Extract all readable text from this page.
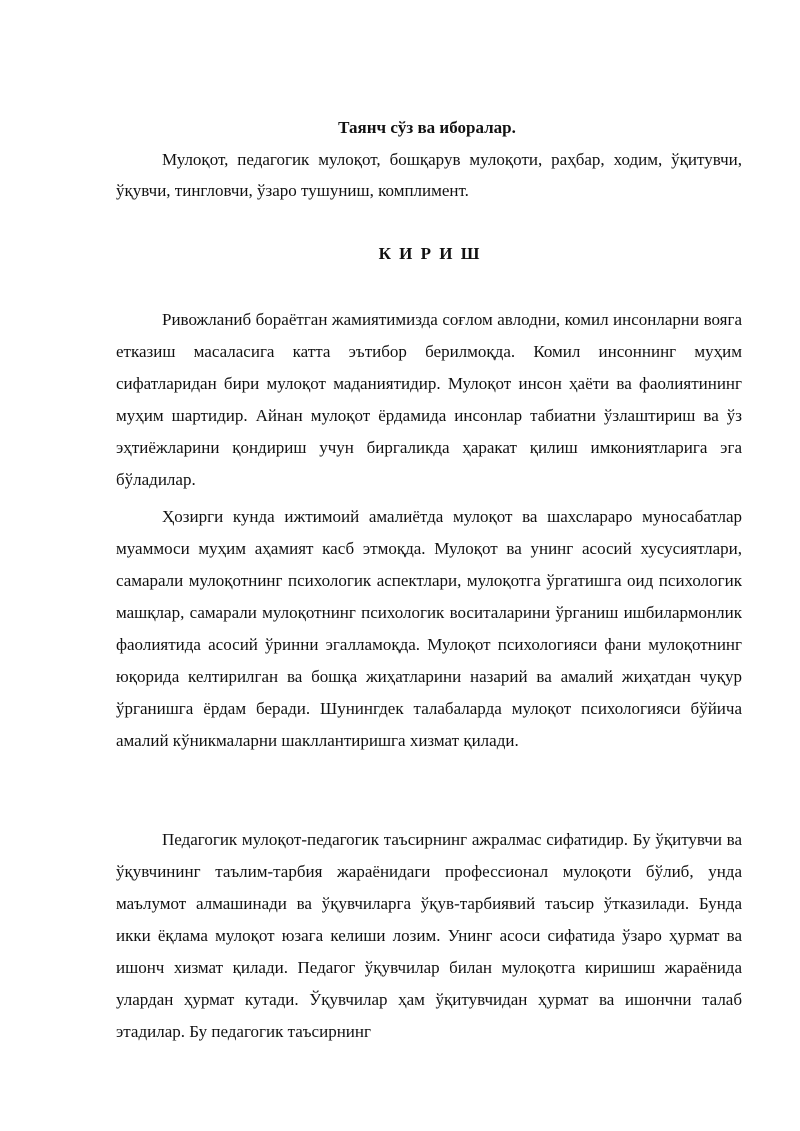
Таянч сўз ва иборалар.

Мулоқот, педагогик мулоқот, бошқарув мулоқоти, раҳбар, ходим, ўқитувчи, ўқувчи, тингловчи, ўзаро тушуниш, комплимент.

К И Р И Ш

Ривожланиб бораётган жамиятимизда соғлом авлодни, комил инсонларни вояга етказиш масаласига катта эътибор берилмоқда. Комил инсоннинг муҳим сифатларидан бири мулоқот маданиятидир. Мулоқот инсон ҳаёти ва фаолиятининг муҳим шартидир. Айнан мулоқот ёрдамида инсонлар табиатни ўзлаштириш ва ўз эҳтиёжларини қондириш учун биргаликда ҳаракат қилиш имкониятларига эга бўладилар.

Ҳозирги кунда ижтимоий амалиётда мулоқот ва шахслараро муносабатлар муаммоси муҳим аҳамият касб этмоқда. Мулоқот ва унинг асосий хусусиятлари, самарали мулоқотнинг психологик аспектлари, мулоқотга ўргатишга оид психологик машқлар, самарали мулоқотнинг психологик воситаларини ўрганиш ишбилармонлик фаолиятида асосий ўринни эгалламоқда. Мулоқот психологияси фани мулоқотнинг юқорида келтирилган ва бошқа жиҳатларини назарий ва амалий жиҳатдан чуқур ўрганишга ёрдам беради. Шунингдек талабаларда мулоқот психологияси бўйича амалий кўникмаларни шакллантиришга хизмат қилади.

Педагогик мулоқот-педагогик таъсирнинг ажралмас сифатидир. Бу ўқитувчи ва ўқувчининг таълим-тарбия жараёнидаги профессионал мулоқоти бўлиб, унда маълумот алмашинади ва ўқувчиларга ўқув-тарбиявий таъсир ўтказилади. Бунда икки ёқлама мулоқот юзага келиши лозим. Унинг асоси сифатида ўзаро ҳурмат ва ишонч хизмат қилади. Педагог ўқувчилар билан мулоқотга киришиш жараёнида улардан ҳурмат кутади. Ўқувчилар ҳам ўқитувчидан ҳурмат ва ишончни талаб этадилар. Бу педагогик таъсирнинг
